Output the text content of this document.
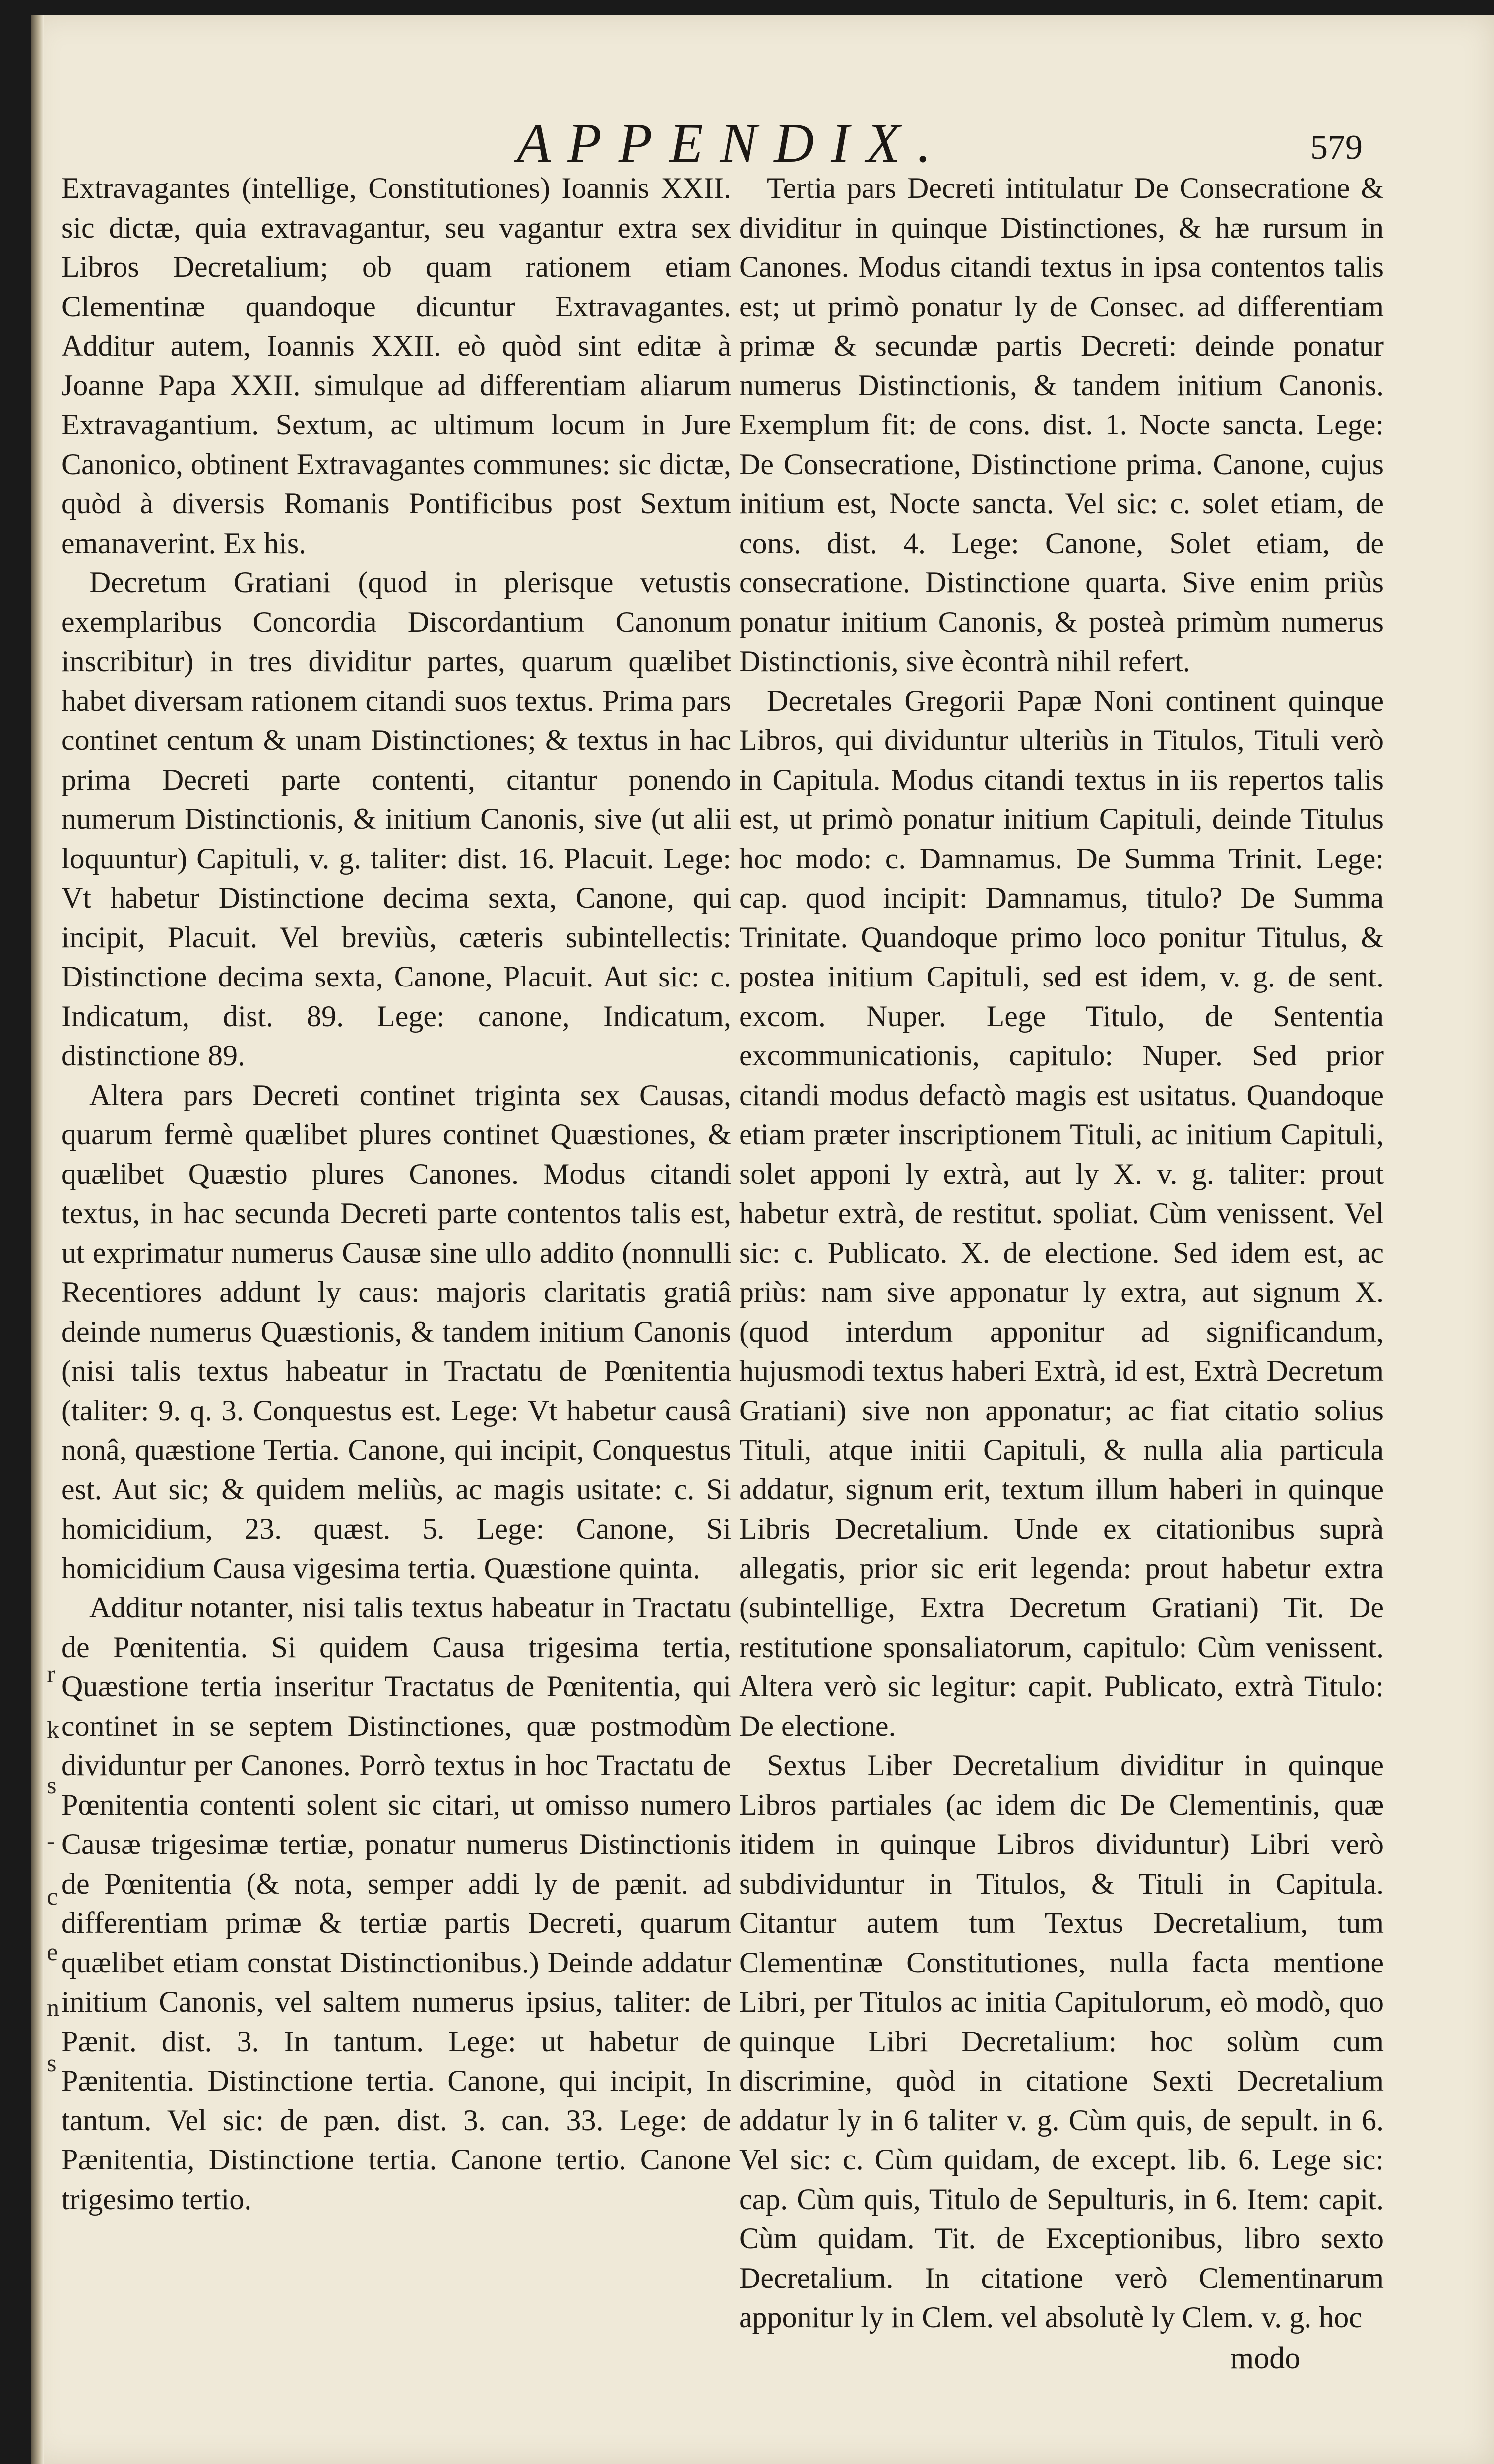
r
k
s
-
c
e
n
s
APPENDIX.	579

Extravagantes (intellige, Constitutiones) Ioannis XXII. sic dictæ, quia extravagantur, seu vagantur extra sex Libros Decretalium; ob quam rationem etiam Clementinæ quandoque dicuntur Extravagantes. Additur autem, Ioannis XXII. eò quòd sint editæ à Joanne Papa XXII. simulque ad differentiam aliarum Extravagantium. Sextum, ac ultimum locum in Jure Canonico, obtinent Extravagantes communes: sic dictæ, quòd à diversis Romanis Pontificibus post Sextum emanaverint. Ex his.

Decretum Gratiani (quod in plerisque vetustis exemplaribus Concordia Discordantium Canonum inscribitur) in tres dividitur partes, quarum quælibet habet diversam rationem citandi suos textus. Prima pars continet centum & unam Distinctiones; & textus in hac prima Decreti parte contenti, citantur ponendo numerum Distinctionis, & initium Canonis, sive (ut alii loquuntur) Capituli, v. g. taliter: dist. 16. Placuit. Lege: Vt habetur Distinctione decima sexta, Canone, qui incipit, Placuit. Vel breviùs, cæteris subintellectis: Distinctione decima sexta, Canone, Placuit. Aut sic: c. Indicatum, dist. 89. Lege: canone, Indicatum, distinctione 89.

Altera pars Decreti continet triginta sex Causas, quarum fermè quælibet plures continet Quæstiones, & quælibet Quæstio plures Canones. Modus citandi textus, in hac secunda Decreti parte contentos talis est, ut exprimatur numerus Causæ sine ullo addito (nonnulli Recentiores addunt ly caus: majoris claritatis gratiâ deinde numerus Quæstionis, & tandem initium Canonis (nisi talis textus habeatur in Tractatu de Pœnitentia (taliter: 9. q. 3. Conquestus est. Lege: Vt habetur causâ nonâ, quæstione Tertia. Canone, qui incipit, Conquestus est. Aut sic; & quidem meliùs, ac magis usitate: c. Si homicidium, 23. quæst. 5. Lege: Canone, Si homicidium Causa vigesima tertia. Quæstione quinta.

Additur notanter, nisi talis textus habeatur in Tractatu de Pœnitentia. Si quidem Causa trigesima tertia, Quæstione tertia inseritur Tractatus de Pœnitentia, qui continet in se septem Distinctiones, quæ postmodùm dividuntur per Canones. Porrò textus in hoc Tractatu de Pœnitentia contenti solent sic citari, ut omisso numero Causæ trigesimæ tertiæ, ponatur numerus Distinctionis de Pœnitentia (& nota, semper addi ly de pænit. ad differentiam primæ & tertiæ partis Decreti, quarum quælibet etiam constat Distinctionibus.) Deinde addatur initium Canonis, vel saltem numerus ipsius, taliter: de Pænit. dist. 3. In tantum. Lege: ut habetur de Pænitentia. Distinctione tertia. Canone, qui incipit, In tantum. Vel sic: de pæn. dist. 3. can. 33. Lege: de Pænitentia, Distinctione tertia. Canone tertio. Canone trigesimo tertio.

Tertia pars Decreti intitulatur De Consecratione & dividitur in quinque Distinctiones, & hæ rursum in Canones. Modus citandi textus in ipsa contentos talis est; ut primò ponatur ly de Consec. ad differentiam primæ & secundæ partis Decreti: deinde ponatur numerus Distinctionis, & tandem initium Canonis. Exemplum fit: de cons. dist. 1. Nocte sancta. Lege: De Consecratione, Distinctione prima. Canone, cujus initium est, Nocte sancta. Vel sic: c. solet etiam, de cons. dist. 4. Lege: Canone, Solet etiam, de consecratione. Distinctione quarta. Sive enim priùs ponatur initium Canonis, & posteà primùm numerus Distinctionis, sive ècontrà nihil refert.

Decretales Gregorii Papæ Noni continent quinque Libros, qui dividuntur ulteriùs in Titulos, Tituli verò in Capitula. Modus citandi textus in iis repertos talis est, ut primò ponatur initium Capituli, deinde Titulus hoc modo: c. Damnamus. De Summa Trinit. Lege: cap. quod incipit: Damnamus, titulo? De Summa Trinitate. Quandoque primo loco ponitur Titulus, & postea initium Capituli, sed est idem, v. g. de sent. excom. Nuper. Lege Titulo, de Sententia excommunicationis, capitulo: Nuper. Sed prior citandi modus defactò magis est usitatus. Quandoque etiam præter inscriptionem Tituli, ac initium Capituli, solet apponi ly extrà, aut ly X. v. g. taliter: prout habetur extrà, de restitut. spoliat. Cùm venissent. Vel sic: c. Publicato. X. de electione. Sed idem est, ac priùs: nam sive apponatur ly extra, aut signum X. (quod interdum apponitur ad significandum, hujusmodi textus haberi Extrà, id est, Extrà Decretum Gratiani) sive non apponatur; ac fiat citatio solius Tituli, atque initii Capituli, & nulla alia particula addatur, signum erit, textum illum haberi in quinque Libris Decretalium. Unde ex citationibus suprà allegatis, prior sic erit legenda: prout habetur extra (subintellige, Extra Decretum Gratiani) Tit. De restitutione sponsaliatorum, capitulo: Cùm venissent. Altera verò sic legitur: capit. Publicato, extrà Titulo: De electione.

Sextus Liber Decretalium dividitur in quinque Libros partiales (ac idem dic De Clementinis, quæ itidem in quinque Libros dividuntur) Libri verò subdividuntur in Titulos, & Tituli in Capitula. Citantur autem tum Textus Decretalium, tum Clementinæ Constitutiones, nulla facta mentione Libri, per Titulos ac initia Capitulorum, eò modò, quo quinque Libri Decretalium: hoc solùm cum discrimine, quòd in citatione Sexti Decretalium addatur ly in 6 taliter v. g. Cùm quis, de sepult. in 6. Vel sic: c. Cùm quidam, de except. lib. 6. Lege sic: cap. Cùm quis, Titulo de Sepulturis, in 6. Item: capit. Cùm quidam. Tit. de Exceptionibus, libro sexto Decretalium. In citatione verò Clementinarum apponitur ly in Clem. vel absolutè ly Clem. v. g. hoc

modo
